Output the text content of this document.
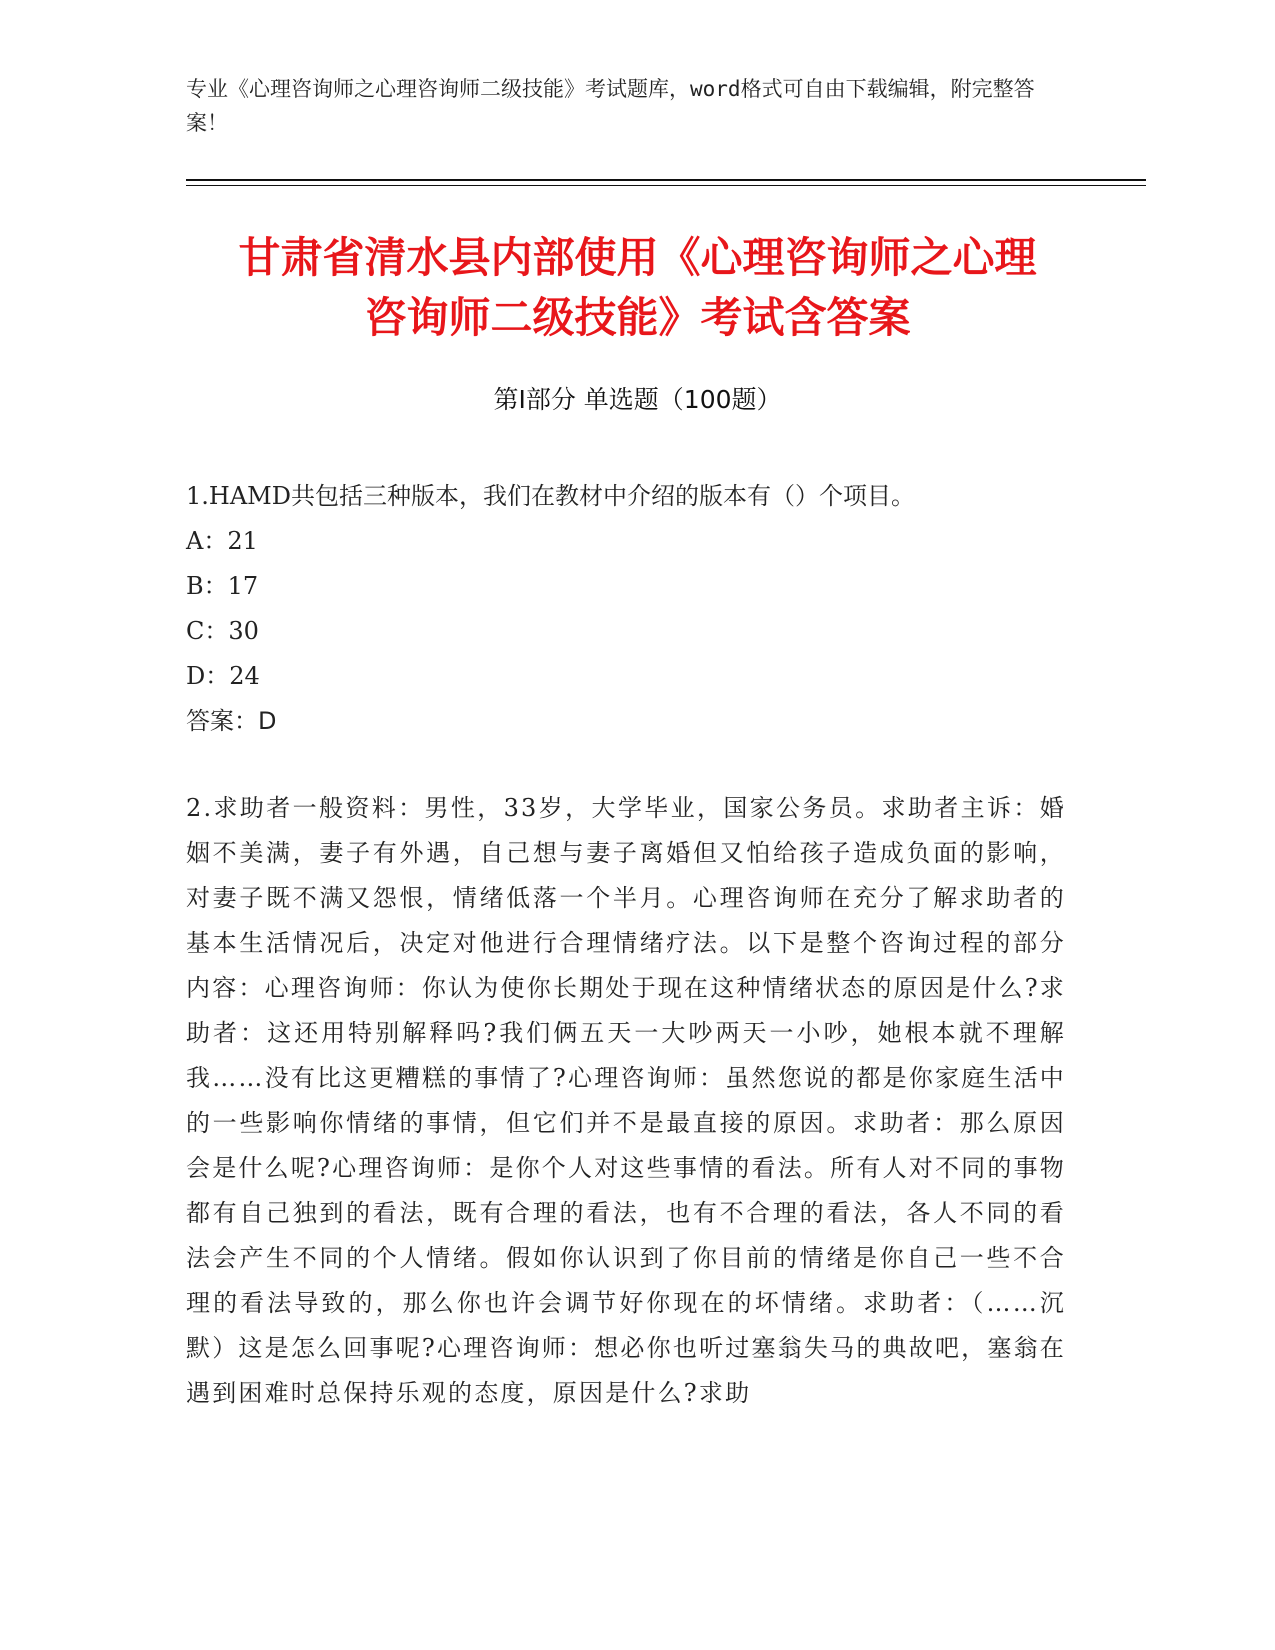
专业《心理咨询师之心理咨询师二级技能》考试题库，word格式可自由下载编辑，附完整答案！
甘肃省清水县内部使用《心理咨询师之心理
咨询师二级技能》考试含答案
第Ⅰ部分 单选题（100题）
1.HAMD共包括三种版本，我们在教材中介绍的版本有（）个项目。
A：21
B：17
C：30
D：24
答案：D
2.求助者一般资料：男性，33岁，大学毕业，国家公务员。求助者主诉：婚姻不美满，妻子有外遇，自己想与妻子离婚但又怕给孩子造成负面的影响，对妻子既不满又怨恨，情绪低落一个半月。心理咨询师在充分了解求助者的基本生活情况后，决定对他进行合理情绪疗法。以下是整个咨询过程的部分内容：心理咨询师：你认为使你长期处于现在这种情绪状态的原因是什么?求助者：这还用特别解释吗?我们俩五天一大吵两天一小吵，她根本就不理解我……没有比这更糟糕的事情了?心理咨询师：虽然您说的都是你家庭生活中的一些影响你情绪的事情，但它们并不是最直接的原因。求助者：那么原因会是什么呢?心理咨询师：是你个人对这些事情的看法。所有人对不同的事物都有自己独到的看法，既有合理的看法，也有不合理的看法，各人不同的看法会产生不同的个人情绪。假如你认识到了你目前的情绪是你自己一些不合理的看法导致的，那么你也许会调节好你现在的坏情绪。求助者：（……沉默）这是怎么回事呢?心理咨询师：想必你也听过塞翁失马的典故吧，塞翁在遇到困难时总保持乐观的态度，原因是什么?求助
